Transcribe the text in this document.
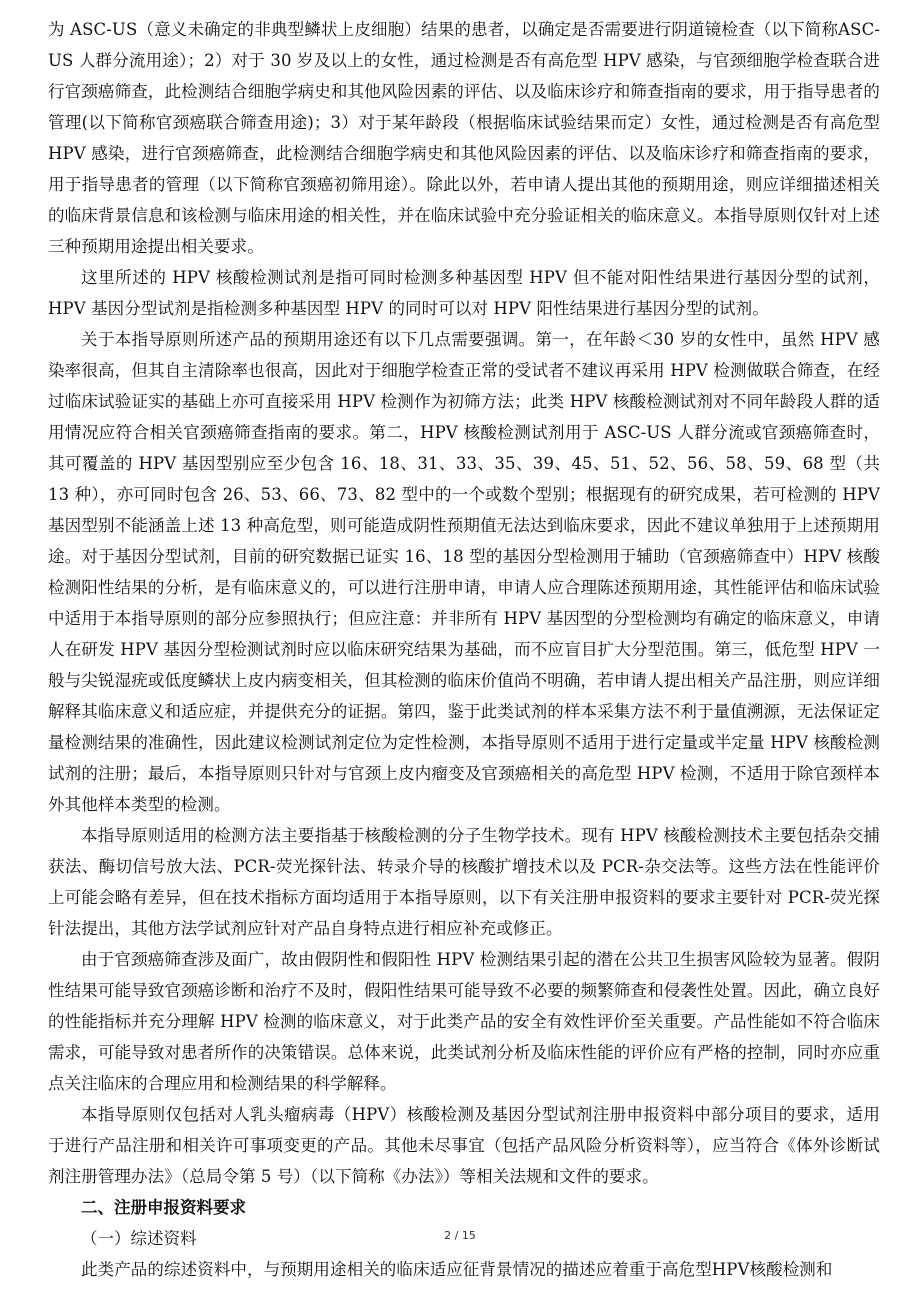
为 ASC-US（意义未确定的非典型鳞状上皮细胞）结果的患者，以确定是否需要进行阴道镜检查（以下简称ASC-US 人群分流用途）；2）对于 30 岁及以上的女性，通过检测是否有高危型 HPV 感染，与官颈细胞学检查联合进行官颈癌筛查，此检测结合细胞学病史和其他风险因素的评估、以及临床诊疗和筛查指南的要求，用于指导患者的管理(以下简称官颈癌联合筛查用途)；3）对于某年龄段（根据临床试验结果而定）女性，通过检测是否有高危型 HPV 感染，进行官颈癌筛查，此检测结合细胞学病史和其他风险因素的评估、以及临床诊疗和筛查指南的要求，用于指导患者的管理（以下简称官颈癌初筛用途）。除此以外，若申请人提出其他的预期用途，则应详细描述相关的临床背景信息和该检测与临床用途的相关性，并在临床试验中充分验证相关的临床意义。本指导原则仅针对上述三种预期用途提出相关要求。

这里所述的 HPV 核酸检测试剂是指可同时检测多种基因型 HPV 但不能对阳性结果进行基因分型的试剂，HPV 基因分型试剂是指检测多种基因型 HPV 的同时可以对 HPV 阳性结果进行基因分型的试剂。

关于本指导原则所述产品的预期用途还有以下几点需要强调。第一，在年龄＜30 岁的女性中，虽然 HPV 感染率很高，但其自主清除率也很高，因此对于细胞学检查正常的受试者不建议再采用 HPV 检测做联合筛查，在经过临床试验证实的基础上亦可直接采用 HPV 检测作为初筛方法；此类 HPV 核酸检测试剂对不同年龄段人群的适用情况应符合相关官颈癌筛查指南的要求。第二，HPV 核酸检测试剂用于 ASC-US 人群分流或官颈癌筛查时，其可覆盖的 HPV 基因型别应至少包含 16、18、31、33、35、39、45、51、52、56、58、59、68 型（共 13 种），亦可同时包含 26、53、66、73、82 型中的一个或数个型别；根据现有的研究成果，若可检测的 HPV 基因型别不能涵盖上述 13 种高危型，则可能造成阴性预期值无法达到临床要求，因此不建议单独用于上述预期用途。对于基因分型试剂，目前的研究数据已证实 16、18 型的基因分型检测用于辅助（官颈癌筛查中）HPV 核酸检测阳性结果的分析，是有临床意义的，可以进行注册申请，申请人应合理陈述预期用途，其性能评估和临床试验中适用于本指导原则的部分应参照执行；但应注意：并非所有 HPV 基因型的分型检测均有确定的临床意义，申请人在研发 HPV 基因分型检测试剂时应以临床研究结果为基础，而不应盲目扩大分型范围。第三，低危型 HPV 一般与尖锐湿疣或低度鳞状上皮内病变相关，但其检测的临床价值尚不明确，若申请人提出相关产品注册，则应详细解释其临床意义和适应症，并提供充分的证据。第四，鉴于此类试剂的样本采集方法不利于量值溯源，无法保证定量检测结果的准确性，因此建议检测试剂定位为定性检测，本指导原则不适用于进行定量或半定量 HPV 核酸检测试剂的注册；最后，本指导原则只针对与官颈上皮内瘤变及官颈癌相关的高危型 HPV 检测，不适用于除官颈样本外其他样本类型的检测。

本指导原则适用的检测方法主要指基于核酸检测的分子生物学技术。现有 HPV 核酸检测技术主要包括杂交捕获法、酶切信号放大法、PCR-荧光探针法、转录介导的核酸扩增技术以及 PCR-杂交法等。这些方法在性能评价上可能会略有差异，但在技术指标方面均适用于本指导原则，以下有关注册申报资料的要求主要针对 PCR-荧光探针法提出，其他方法学试剂应针对产品自身特点进行相应补充或修正。

由于官颈癌筛查涉及面广，故由假阴性和假阳性 HPV 检测结果引起的潜在公共卫生损害风险较为显著。假阴性结果可能导致官颈癌诊断和治疗不及时，假阳性结果可能导致不必要的频繁筛查和侵袭性处置。因此，确立良好的性能指标并充分理解 HPV 检测的临床意义，对于此类产品的安全有效性评价至关重要。产品性能如不符合临床需求，可能导致对患者所作的决策错误。总体来说，此类试剂分析及临床性能的评价应有严格的控制，同时亦应重点关注临床的合理应用和检测结果的科学解释。

本指导原则仅包括对人乳头瘤病毒（HPV）核酸检测及基因分型试剂注册申报资料中部分项目的要求，适用于进行产品注册和相关许可事项变更的产品。其他未尽事宜（包括产品风险分析资料等），应当符合《体外诊断试剂注册管理办法》（总局令第 5 号）（以下简称《办法》）等相关法规和文件的要求。

二、注册申报资料要求

（一）综述资料

此类产品的综述资料中，与预期用途相关的临床适应征背景情况的描述应着重于高危型HPV核酸检测和

2 / 15
